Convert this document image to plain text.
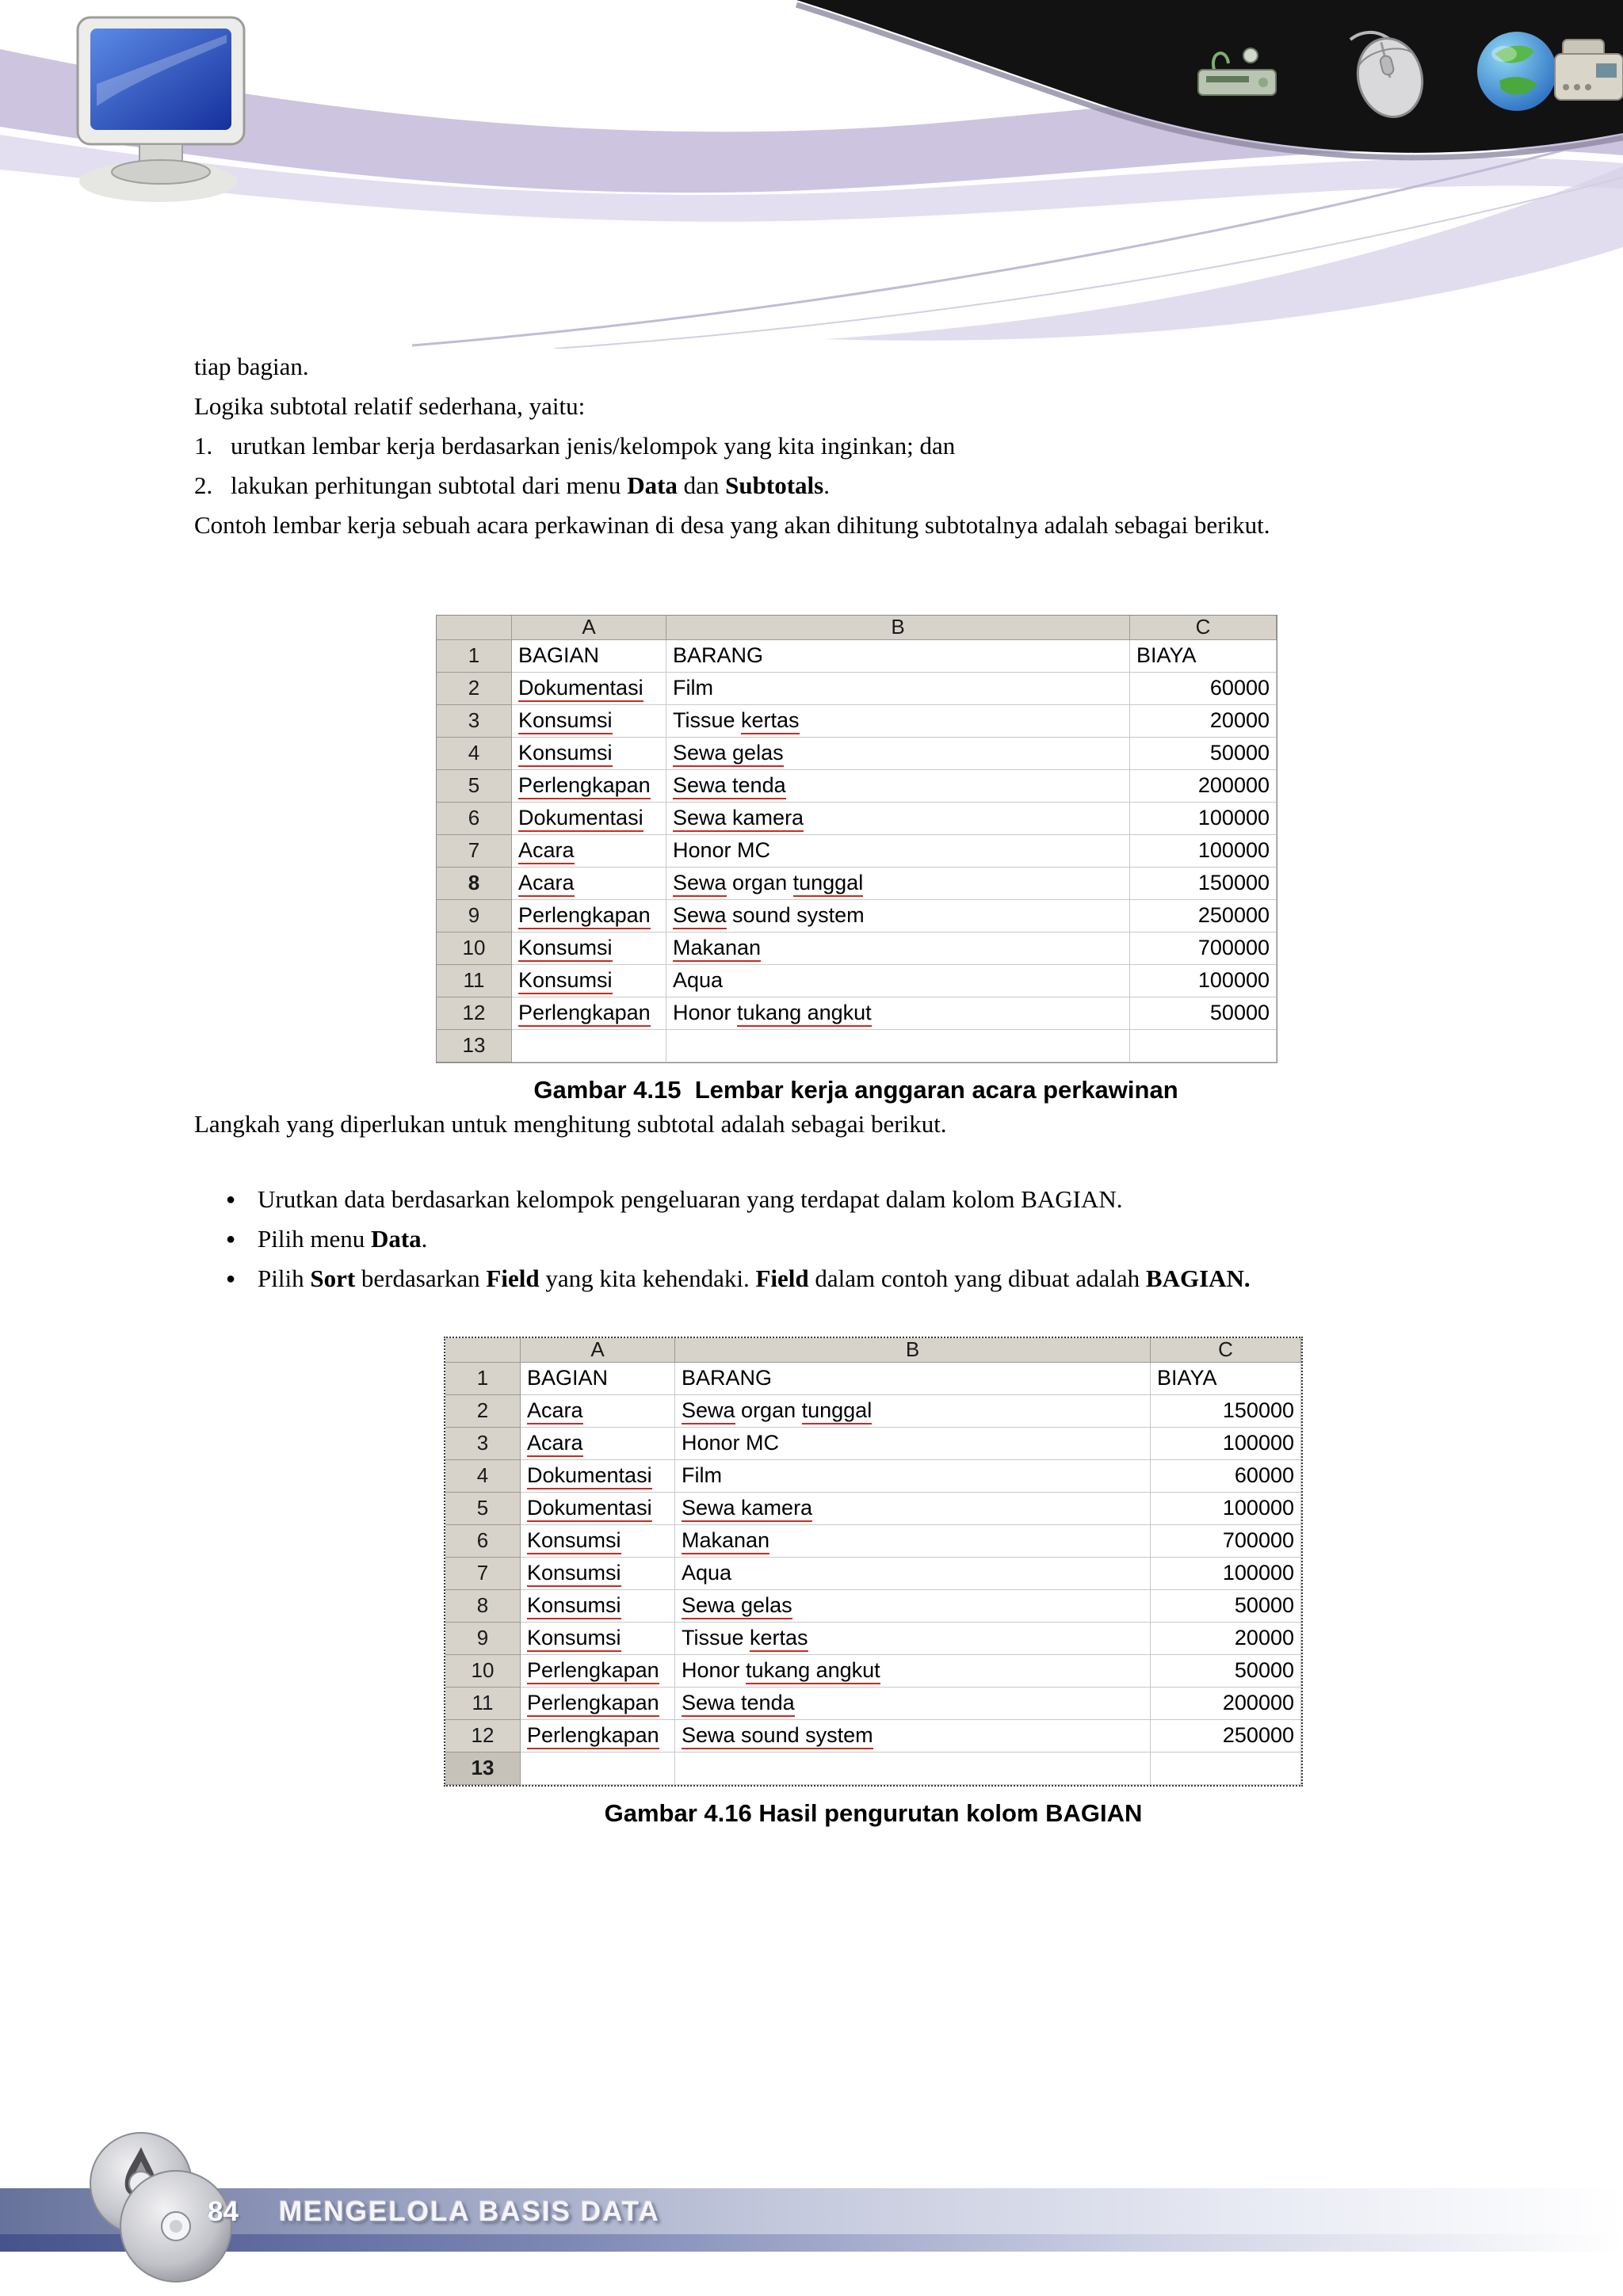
tiap bagian.

Logika subtotal relatif sederhana, yaitu:

1. urutkan lembar kerja berdasarkan jenis/kelompok yang kita inginkan; dan
2. lakukan perhitungan subtotal dari menu Data dan Subtotals.

Contoh lembar kerja sebuah acara perkawinan di desa yang akan dihitung subtotalnya adalah sebagai berikut.

A	B	C
1	BAGIAN	BARANG	BIAYA
2	Dokumentasi	Film	60000
3	Konsumsi	Tissue kertas	20000
4	Konsumsi	Sewa gelas	50000
5	Perlengkapan	Sewa tenda	200000
6	Dokumentasi	Sewa kamera	100000
7	Acara	Honor MC	100000
8	Acara	Sewa organ tunggal	150000
9	Perlengkapan	Sewa sound system	250000
10	Konsumsi	Makanan	700000
11	Konsumsi	Aqua	100000
12	Perlengkapan	Honor tukang angkut	50000
13
Gambar 4.15  Lembar kerja anggaran acara perkawinan

Langkah yang diperlukan untuk menghitung subtotal adalah sebagai berikut.

● Urutkan data berdasarkan kelompok pengeluaran yang terdapat dalam kolom BAGIAN.
● Pilih menu Data.
● Pilih Sort berdasarkan Field yang kita kehendaki. Field dalam contoh yang dibuat adalah BAGIAN.
A	B	C
1	BAGIAN	BARANG	BIAYA
2	Acara	Sewa organ tunggal	150000
3	Acara	Honor MC	100000
4	Dokumentasi	Film	60000
5	Dokumentasi	Sewa kamera	100000
6	Konsumsi	Makanan	700000
7	Konsumsi	Aqua	100000
8	Konsumsi	Sewa gelas	50000
9	Konsumsi	Tissue kertas	20000
10	Perlengkapan	Honor tukang angkut	50000
11	Perlengkapan	Sewa tenda	200000
12	Perlengkapan	Sewa sound system	250000
13
Gambar 4.16 Hasil pengurutan kolom BAGIAN
84 MENGELOLA BASIS DATA
